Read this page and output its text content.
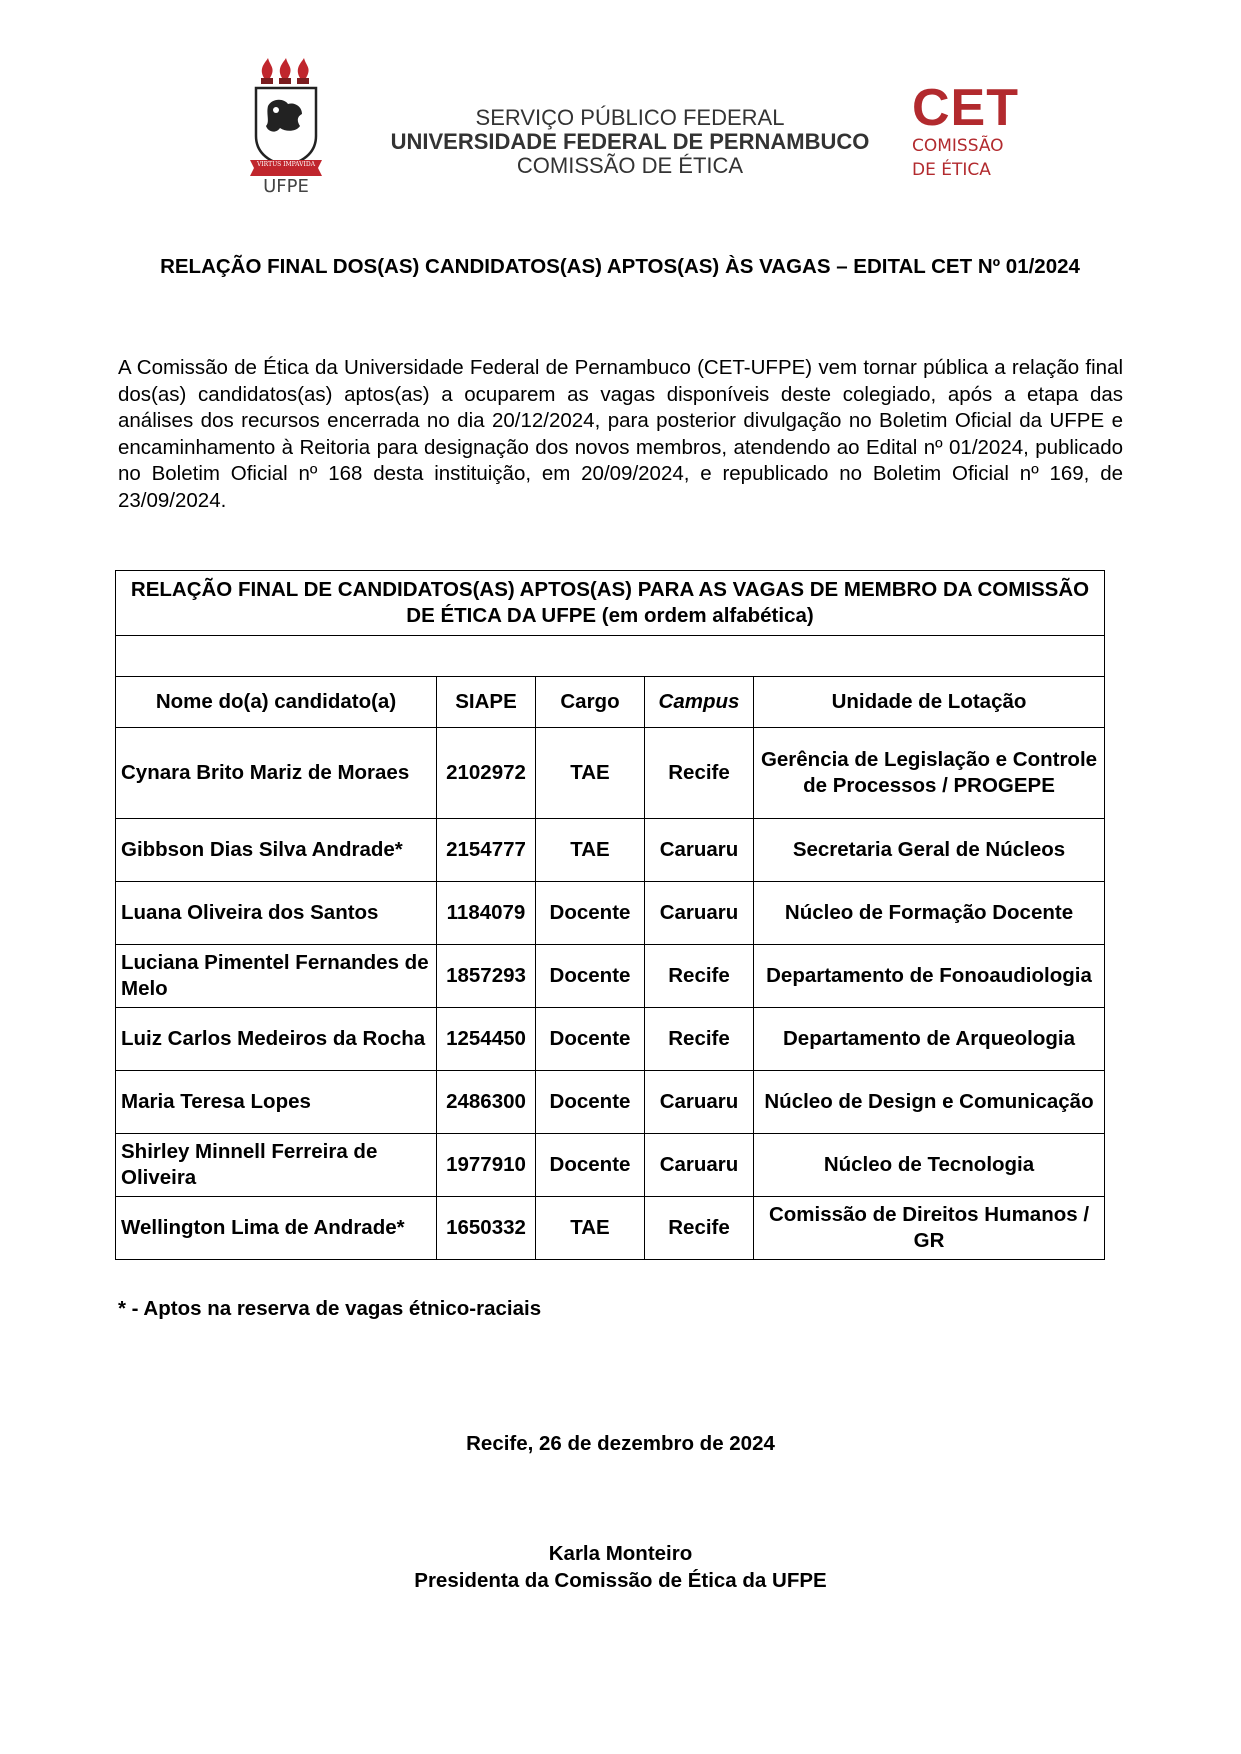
VIRTUS IMPAVIDA
UFPE
SERVIÇO PÚBLICO FEDERAL
UNIVERSIDADE FEDERAL DE PERNAMBUCO
COMISSÃO DE ÉTICA
CET
COMISSÃO
DE ÉTICA
RELAÇÃO FINAL DOS(AS) CANDIDATOS(AS) APTOS(AS) ÀS VAGAS – EDITAL CET Nº 01/2024
A Comissão de Ética da Universidade Federal de Pernambuco (CET-UFPE) vem tornar pública a relação final dos(as) candidatos(as) aptos(as) a ocuparem as vagas disponíveis deste colegiado, após a etapa das análises dos recursos encerrada no dia 20/12/2024, para posterior divulgação no Boletim Oficial da UFPE e encaminhamento à Reitoria para designação dos novos membros, atendendo ao Edital nº 01/2024, publicado no Boletim Oficial nº 168 desta instituição, em 20/09/2024, e republicado no Boletim Oficial nº 169, de 23/09/2024.
RELAÇÃO FINAL DE CANDIDATOS(AS) APTOS(AS) PARA AS VAGAS DE MEMBRO DA COMISSÃO DE ÉTICA DA UFPE (em ordem alfabética)				

Nome do(a) candidato(a)	SIAPE	Cargo	Campus	Unidade de Lotação
Cynara Brito Mariz de Moraes	2102972	TAE	Recife	Gerência de Legislação e Controle de Processos / PROGEPE
Gibbson Dias Silva Andrade*	2154777	TAE	Caruaru	Secretaria Geral de Núcleos
Luana Oliveira dos Santos	1184079	Docente	Caruaru	Núcleo de Formação Docente
Luciana Pimentel Fernandes de Melo	1857293	Docente	Recife	Departamento de Fonoaudiologia
Luiz Carlos Medeiros da Rocha	1254450	Docente	Recife	Departamento de Arqueologia
Maria Teresa Lopes	2486300	Docente	Caruaru	Núcleo de Design e Comunicação
Shirley Minnell Ferreira de Oliveira	1977910	Docente	Caruaru	Núcleo de Tecnologia
Wellington Lima de Andrade*	1650332	TAE	Recife	Comissão de Direitos Humanos / GR
* - Aptos na reserva de vagas étnico-raciais
Recife, 26 de dezembro de 2024
Karla Monteiro
Presidenta da Comissão de Ética da UFPE
